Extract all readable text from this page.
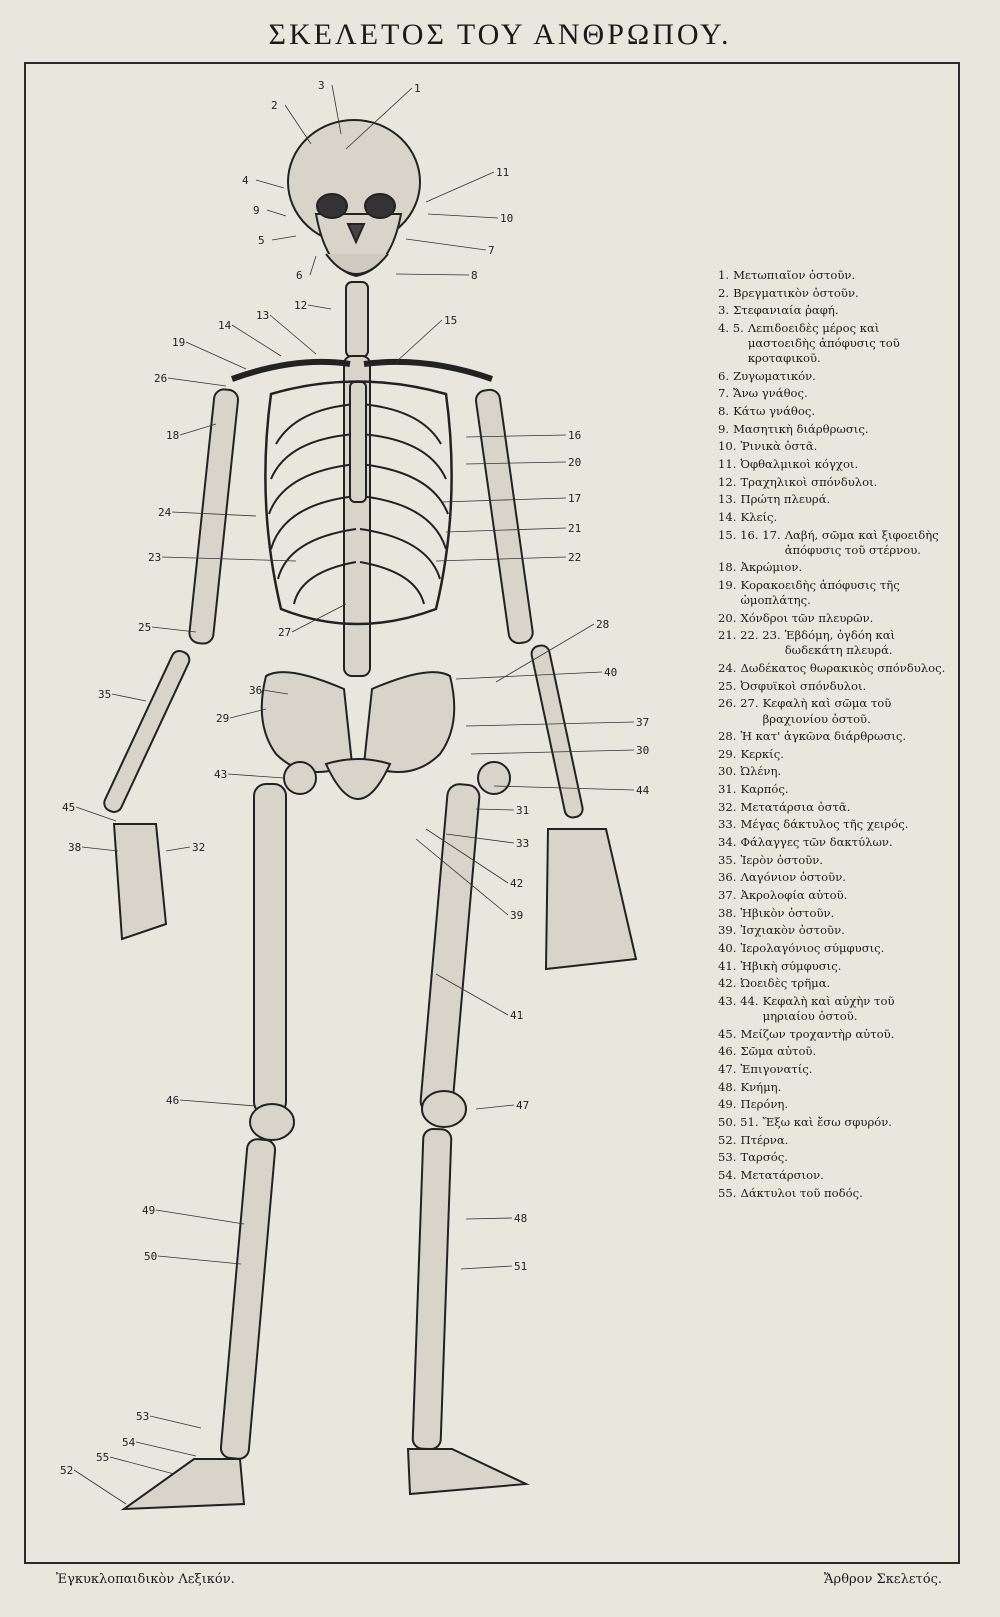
ΣΚΕΛΕΤΟΣ ΤΟΥ ΑΝΘΡΩΠΟΥ.
1
2
3
4
9
5
6
11
10
7
8
12
13
14	15
19
26
18	16
20
17
21
22
23
24
27
25	28
40
36
37
35
29
30
43
44
45	31
38	32	33
42
39
41
46	47
49
48
50
51
53
54
55
52
1. Μετωπιαῖον ὀστοῦν.
2. Βρεγματικὸν ὀστοῦν.
3. Στεφανιαία ῥαφή.
4. 5. Λεπιδοειδὲς μέρος καὶ μαστοειδὴς ἀπόφυσις τοῦ κροταφικοῦ.
6. Ζυγωματικόν.
7. Ἄνω γνάθος.
8. Κάτω γνάθος.
9. Μασητικὴ διάρθρωσις.
10. Ῥινικὰ ὀστᾶ.
11. Ὀφθαλμικοὶ κόγχοι.
12. Τραχηλικοὶ σπόνδυλοι.
13. Πρώτη πλευρά.
14. Κλείς.
15. 16. 17. Λαβή, σῶμα καὶ ξιφοειδὴς ἀπόφυσις τοῦ στέρνου.
18. Ἀκρώμιον.
19. Κορακοειδὴς ἀπόφυσις τῆς ὠμοπλάτης.
20. Χόνδροι τῶν πλευρῶν.
21. 22. 23. Ἑβδόμη, ὀγδόη καὶ δωδεκάτη πλευρά.
24. Δωδέκατος θωρακικὸς σπόνδυλος.
25. Ὀσφυϊκοὶ σπόνδυλοι.
26. 27. Κεφαλὴ καὶ σῶμα τοῦ βραχιονίου ὀστοῦ.
28. Ἡ κατ' ἀγκῶνα διάρθρωσις.
29. Κερκίς.
30. Ὠλένη.
31. Καρπός.
32. Μετατάρσια ὀστᾶ.
33. Μέγας δάκτυλος τῆς χειρός.
34. Φάλαγγες τῶν δακτύλων.
35. Ἱερὸν ὀστοῦν.
36. Λαγόνιον ὀστοῦν.
37. Ἀκρολοφία αὐτοῦ.
38. Ἡβικὸν ὀστοῦν.
39. Ἰσχιακὸν ὀστοῦν.
40. Ἱερολαγόνιος σύμφυσις.
41. Ἡβικὴ σύμφυσις.
42. Ὠοειδὲς τρῆμα.
43. 44. Κεφαλὴ καὶ αὐχὴν τοῦ μηριαίου ὀστοῦ.
45. Μείζων τροχαντὴρ αὐτοῦ.
46. Σῶμα αὐτοῦ.
47. Ἐπιγονατίς.
48. Κνήμη.
49. Περόνη.
50. 51. Ἔξω καὶ ἔσω σφυρόν.
52. Πτέρνα.
53. Ταρσός.
54. Μετατάρσιον.
55. Δάκτυλοι τοῦ ποδός.
Ἐγκυκλοπαιδικὸν Λεξικόν.	Ἄρθρον Σκελετός.
